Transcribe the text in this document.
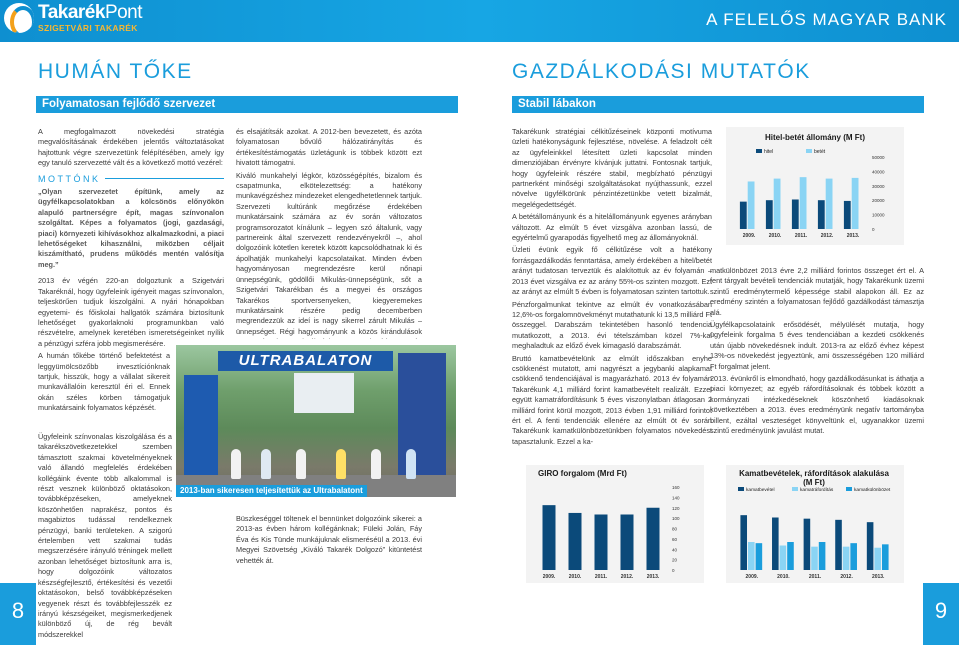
TakarékPont
SZIGETVÁRI TAKARÉK	A FELELŐS MAGYAR BANK
HUMÁN TŐKE	GAZDÁLKODÁSI MUTATÓK
Folyamatosan fejlődő szervezet	Stabil lábakon

A megfogalmazott növekedési stratégia megvalósításának érdekében jelentős változtatásokat hajtottunk végre szervezetünk felépítésében, amely így egy tanuló szervezetté vált és a következő mottó vezérel:

MOTTÓNK
„Olyan szervezetet építünk, amely az ügyfélkapcsolatokban a kölcsönös előnyökön alapuló partnerségre épít, magas színvonalon szolgáltat. Képes a folyamatos (jogi, gazdasági, piaci) környezeti kihívásokhoz alkalmazkodni, a piaci lehetőségeket kihasználni, miközben céljait kiszámítható, prudens működés mentén valósítja meg.”

2013 év végén 220-an dolgoztunk a Szigetvári Takaréknál, hogy ügyfeleink igényeit magas színvonalon, teljeskörűen tudjuk kiszolgálni. A nyári hónapokban egyetemi- és főiskolai hallgatók számára biztosítunk lehetőséget gyakorlaknoki programunkban való részvételre, amelynek keretében ismeretségeinket nyílik a pénzügyi szféra jobb megismerésére.

A humán tőkébe történő befektetést a leggyümölcsözőbb invesztíciónknak tartjuk, hisszük, hogy a vállalat sikereit munkavállalóin keresztül éri el. Ennek okán széles körben támogatjuk munkatársaink folyamatos képzését.

Ügyfeleink színvonalas kiszolgálása és a takarékszövetkezetekkel szemben támasztott szakmai követelményeknek való állandó megfelelés érdekében kollégáink évente több alkalommal is részt vesznek különböző oktatásokon, továbbképzéseken, amelyeknek köszönhetően naprakész, pontos és magabiztos tudással rendelkeznek pénzügyi, banki területeken. A szigorú értelemben vett szakmai tudás megszerzésére irányuló tréningek mellett azonban lehetőséget biztosítunk arra is, hogy dolgozóink változatos készségfejlesztő, értékesítési és vezetői oktatásokon, belső továbbképzéseken vegyenek részt és továbbfejlesszék ez irányú készségeiket, megismerkedjenek különböző új, de rég bevált módszerekkel

és elsajátítsák azokat. A 2012-ben bevezetett, és azóta folyamatosan bővülő hálózatirányítás és értékesítéstámogatás üzletágunk is többek között ezt hivatott támogatni.

Kiváló munkahelyi légkör, közösségépítés, bizalom és csapatmunka, elkötelezettség: a hatékony munkavégzéshez mindezeket elengedhetetlennek tartjuk. Szervezeti kultúránk megőrzése érdekében munkatársaink számára az év során változatos programsorozatot kínálunk – legyen szó általunk, vagy partnereink által szervezett rendezvényekről –, ahol dolgozóink kötetlen keretek között kapcsolódhatnak ki és ápolhatják munkahelyi kapcsolataikat. Minden évben hagyományosan megrendezésre kerül nőnapi ünnepségünk, gödöllői Mikulás-ünnepségünk, sőt a Szigetvári Takarékban és a megyei és országos Takarékos sportversenyeken, kiegyeremekes munkatársaink részére pedig decemberben megrendezzük az ideí is nagy sikerrel zárult Mikulás – ünnepséget. Régi hagyományunk a közös kirándulások

Büszkeséggel töltenek el bennünket dolgozóink sikerei: a 2013-as évben három kollégánknak; Füleki Jolán, Fáy Éva és Kis Tünde munkájuknak elismeréséül a 2013. évi Megyei Szövetség „Kiváló Takarék Dolgozó” kitüntetést vehették át.

ULTRABALATON
2013-ban sikeresen teljesítettük az Ultrabalatont

Takarékunk stratégiai célkitűzéseinek központi motívuma üzleti hatékonyságunk fejlesztése, növelése. A feladzolt célt az ügyfeleinkkel létesített üzleti kapcsolat minden dimenziójában érvényre kívánjuk juttatni. Fontosnak tartjuk, hogy ügyfeleink részére stabil, megbízható pénzügyi partnerként minőségi szolgáltatásokat nyújthassunk, ezzel növelve ügyfélkörünk pénzintézetünkbe vetett bizalmát, megelégedettségét.

A betétállományunk és a hitelállományunk egyenes arányban változott. Az elmúlt 5 évet vizsgálva azonban lassú, de egyértelmű gyarapodás figyelhető meg az állományoknál.

Üzleti évünk egyik fő célkitűzése volt a hatékony forrásgazdálkodás fenntartása, amely érdekében a hitel/betét arányt tudatosan terveztük és alakítottuk az év folyamán – 2013 évet vizsgálva ez az arány 55%-os szinten mozgott. Ezt az arányt az elmúlt 5 évben is folyamatosan szinten tartottuk.

Pénzforgalmunkat tekintve az elmúlt év vonatkozásában 12,6%-os forgalomnövekményt mutathatunk ki 13,5 milliárd Ft összeggel. Darabszám tekintetében hasonló tendencia mutatkozott, a 2013. évi tételszámban közel 7%-kal meghaladtuk az előző évek kimagasló darabszámát.

Bruttó kamatbevételünk az elmúlt időszakban enyhe csökkenést mutatott, ami nagyrészt a jegybanki alapkamat csökkenő tendenciájával is magyarázható. 2013 év folyamán Takarékunk 4,1 milliárd forint kamatbevételt realizált. Ezzel együtt kamatráfordításunk 5 éves viszonylatban átlagosan 2 milliárd forint körül mozgott, 2013 évben 1,91 milliárd forintot ért el. A fenti tendenciák ellenére az elmúlt öt év során Takarékunk kamatkülönbözetünkben folyamatos növekedést tapasztalunk. Ezzel a ka-

matkülönbözet 2013 évre 2,2 milliárd forintos összeget ért el. A fent tárgyalt bevételi tendenciák mutatják, hogy Takarékunk üzemi szintű eredménytermelő képessége stabil alapokon áll. Ez az eredmény szintén a folyamatosan fejlődő gazdálkodást támasztja alá.

Ügyfélkapcsolataink erősödését, mélyülését mutatja, hogy ügyfeleink forgalma 5 éves tendenciában a kezdeti csökkenés után újabb növekedésnek indult. 2013-ra az előző évhez képest 13%-os növekedést jegyeztünk, ami összességében 120 milliárd Ft forgalmat jelent.

2013. évünkről is elmondható, hogy gazdálkodásunkat is áthatja a piaci környezet; az egyéb ráfordításoknak és többek között a kormányzati intézkedéseknek köszönhető kiadásoknak következtében a 2013. éves eredményünk negatív tartományba billent, ezáltal veszteséget könyveltünk el, ugyanakkor üzemi szintű eredményünk javulást mutat.

Hitel-betét állomány (M Ft)
hitel	betét
2009.	2010.	2011.	2012.	2013.
0
10000
20000
30000
40000
50000
GIRO forgalom (Mrd Ft)
2009.	2010.	2011.	2012.	2013.
0
20
40
60
80
100
120
140
160
Kamatbevételek, ráfordítások alakulása (M Ft)
kamatbevétel	kamatráfordítás	kamatkülönbözet
2009.	2010.	2011.	2012.	2013.
8	9
